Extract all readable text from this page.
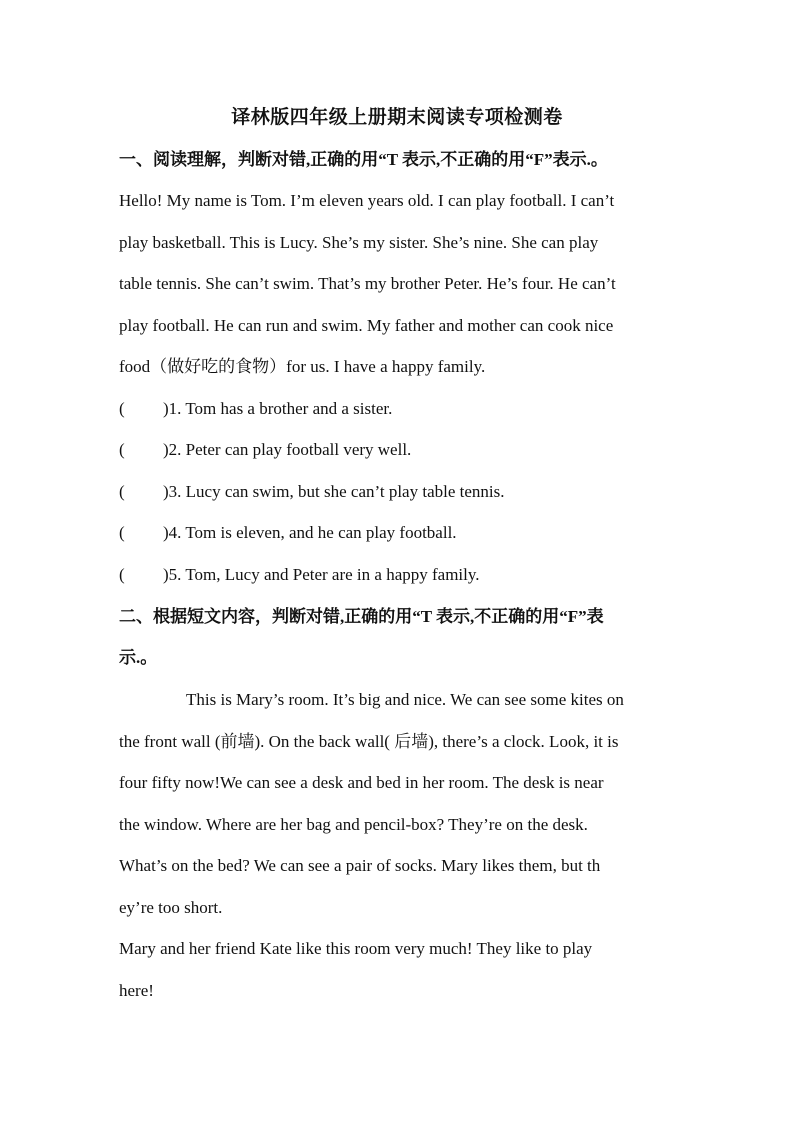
译林版四年级上册期末阅读专项检测卷
一、阅读理解，判断对错,正确的用“T 表示,不正确的用“F”表示.。
Hello! My name is Tom. I’m eleven years old. I can play football. I can’t
play basketball. This is Lucy. She’s my sister. She’s nine. She can play
table tennis. She can’t swim. That’s my brother Peter. He’s four. He can’t
play football. He can run and swim. My father and mother can cook nice
food（做好吃的食物）for us. I have a happy family.
( )1. Tom has a brother and a sister.
( )2. Peter can play football very well.
( )3. Lucy can swim, but she can’t play table tennis.
( )4. Tom is eleven, and he can play football.
( )5. Tom, Lucy and Peter are in a happy family.
二、根据短文内容，判断对错,正确的用“T 表示,不正确的用“F”表
示.。
This is Mary’s room. It’s big and nice. We can see some kites on
the front wall (前墙). On the back wall( 后墙), there’s a clock. Look, it is
four fifty now!We can see a desk and bed in her room. The desk is near
the window. Where are her bag and pencil-box? They’re on the desk.
What’s on the bed? We can see a pair of socks. Mary likes them, but th
ey’re too short.
Mary and her friend Kate like this room very much! They like to play
here!
